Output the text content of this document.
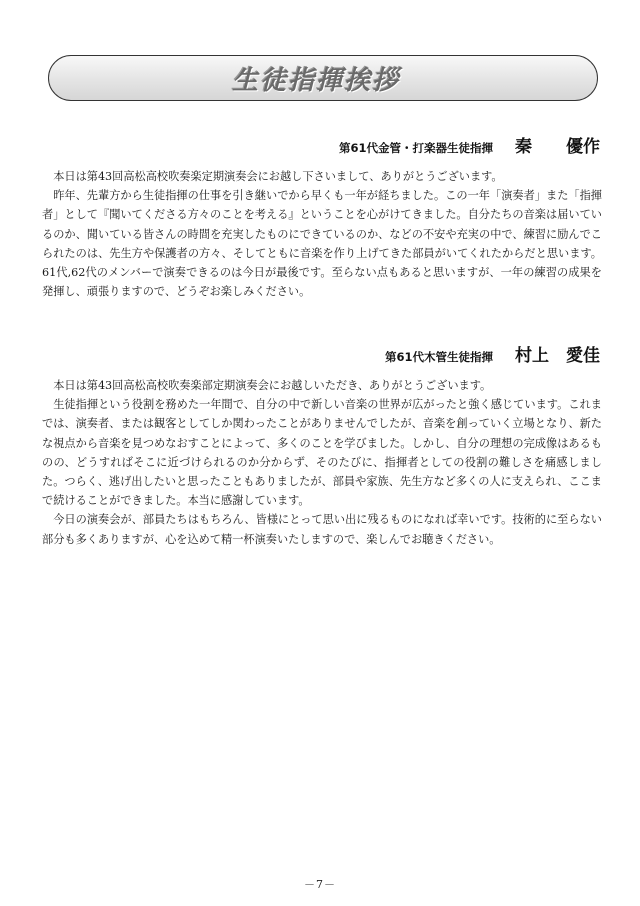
生徒指揮挨拶
第61代金管・打楽器生徒指揮 秦　　優作

本日は第43回高松高校吹奏楽定期演奏会にお越し下さいまして、ありがとうございます。

昨年、先輩方から生徒指揮の仕事を引き継いでから早くも一年が経ちました。この一年「演奏者」また「指揮者」として『聞いてくださる方々のことを考える』ということを心がけてきました。自分たちの音楽は届いているのか、聞いている皆さんの時間を充実したものにできているのか、などの不安や充実の中で、練習に励んでこられたのは、先生方や保護者の方々、そしてともに音楽を作り上げてきた部員がいてくれたからだと思います。61代,62代のメンバーで演奏できるのは今日が最後です。至らない点もあると思いますが、一年の練習の成果を発揮し、頑張りますので、どうぞお楽しみください。

第61代木管生徒指揮 村上　愛佳

本日は第43回高松高校吹奏楽部定期演奏会にお越しいただき、ありがとうございます。

生徒指揮という役割を務めた一年間で、自分の中で新しい音楽の世界が広がったと強く感じています。これまでは、演奏者、または観客としてしか関わったことがありませんでしたが、音楽を創っていく立場となり、新たな視点から音楽を見つめなおすことによって、多くのことを学びました。しかし、自分の理想の完成像はあるものの、どうすればそこに近づけられるのか分からず、そのたびに、指揮者としての役割の難しさを痛感しました。つらく、逃げ出したいと思ったこともありましたが、部員や家族、先生方など多くの人に支えられ、ここまで続けることができました。本当に感謝しています。

今日の演奏会が、部員たちはもちろん、皆様にとって思い出に残るものになれば幸いです。技術的に至らない部分も多くありますが、心を込めて精一杯演奏いたしますので、楽しんでお聴きください。

－7－
